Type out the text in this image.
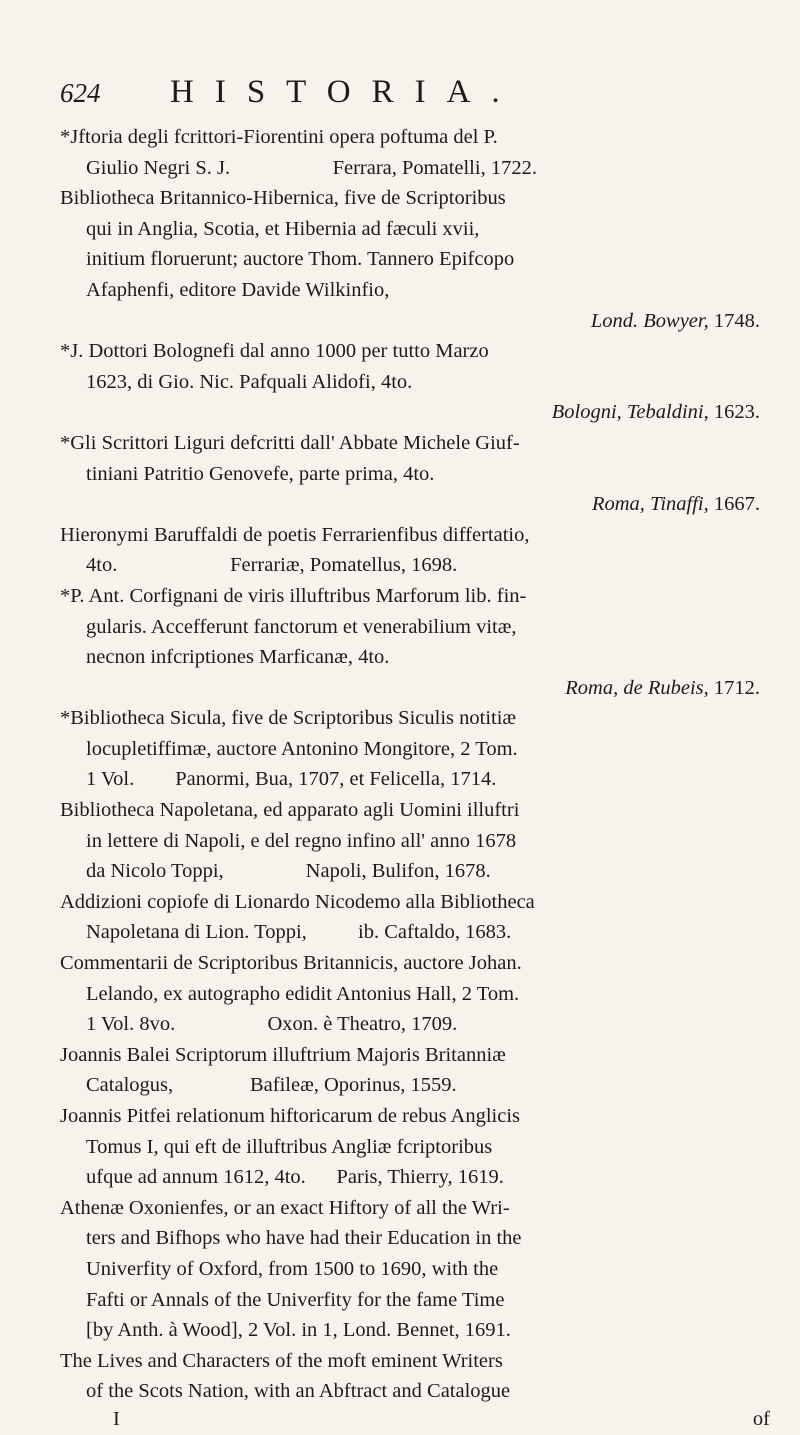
624 HISTORIA.
*Jftoria degli fcrittori-Fiorentini opera poftuma del P.
Giulio Negri S. J.                    Ferrara, Pomatelli, 1722.
Bibliotheca Britannico-Hibernica, five de Scriptoribus
qui in Anglia, Scotia, et Hibernia ad fæculi xvii,
initium floruerunt; auctore Thom. Tannero Epifcopo
Afaphenfi, editore Davide Wilkinfio,
Lond. Bowyer, 1748.
*J. Dottori Bolognefi dal anno 1000 per tutto Marzo
1623, di Gio. Nic. Pafquali Alidofi, 4to.
Bologni, Tebaldini, 1623.
*Gli Scrittori Liguri defcritti dall' Abbate Michele Giuf-
tiniani Patritio Genovefe, parte prima, 4to.
Roma, Tinaffi, 1667.
Hieronymi Baruffaldi de poetis Ferrarienfibus differtatio,
4to.                      Ferrariæ, Pomatellus, 1698.
*P. Ant. Corfignani de viris illuftribus Marforum lib. fin-
gularis. Accefferunt fanctorum et venerabilium vitæ,
necnon infcriptiones Marficanæ, 4to.
Roma, de Rubeis, 1712.
*Bibliotheca Sicula, five de Scriptoribus Siculis notitiæ
locupletiffimæ, auctore Antonino Mongitore, 2 Tom.
1 Vol.        Panormi, Bua, 1707, et Felicella, 1714.
Bibliotheca Napoletana, ed apparato agli Uomini illuftri
in lettere di Napoli, e del regno infino all' anno 1678
da Nicolo Toppi,                Napoli, Bulifon, 1678.
Addizioni copiofe di Lionardo Nicodemo alla Bibliotheca
Napoletana di Lion. Toppi,          ib. Caftaldo, 1683.
Commentarii de Scriptoribus Britannicis, auctore Johan.
Lelando, ex autographo edidit Antonius Hall, 2 Tom.
1 Vol. 8vo.                  Oxon. è Theatro, 1709.
Joannis Balei Scriptorum illuftrium Majoris Britanniæ
Catalogus,               Bafileæ, Oporinus, 1559.
Joannis Pitfei relationum hiftoricarum de rebus Anglicis
Tomus I, qui eft de illuftribus Angliæ fcriptoribus
ufque ad annum 1612, 4to.      Paris, Thierry, 1619.
Athenæ Oxonienfes, or an exact Hiftory of all the Wri-
ters and Bifhops who have had their Education in the
Univerfity of Oxford, from 1500 to 1690, with the
Fafti or Annals of the Univerfity for the fame Time
[by Anth. à Wood], 2 Vol. in 1, Lond. Bennet, 1691.
The Lives and Characters of the moft eminent Writers
of the Scots Nation, with an Abftract and Catalogue
I	of
